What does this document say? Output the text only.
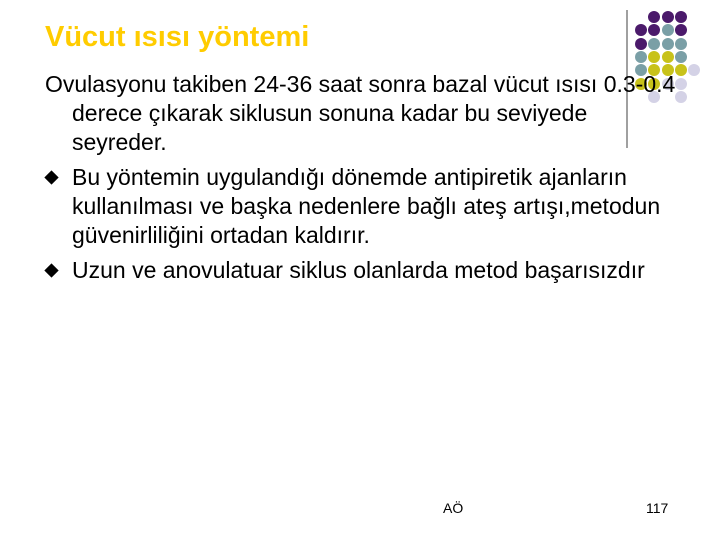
Vücut ısısı yöntemi

Ovulasyonu takiben 24-36 saat sonra bazal vücut ısısı 0.3-0.4 derece çıkarak siklusun sonuna kadar bu seviyede seyreder.

Bu yöntemin uygulandığı dönemde antipiretik ajanların kullanılması ve başka nedenlere bağlı ateş artışı,metodun güvenirliliğini ortadan kaldırır.

Uzun ve anovulatuar siklus olanlarda metod başarısızdır

AÖ	117
